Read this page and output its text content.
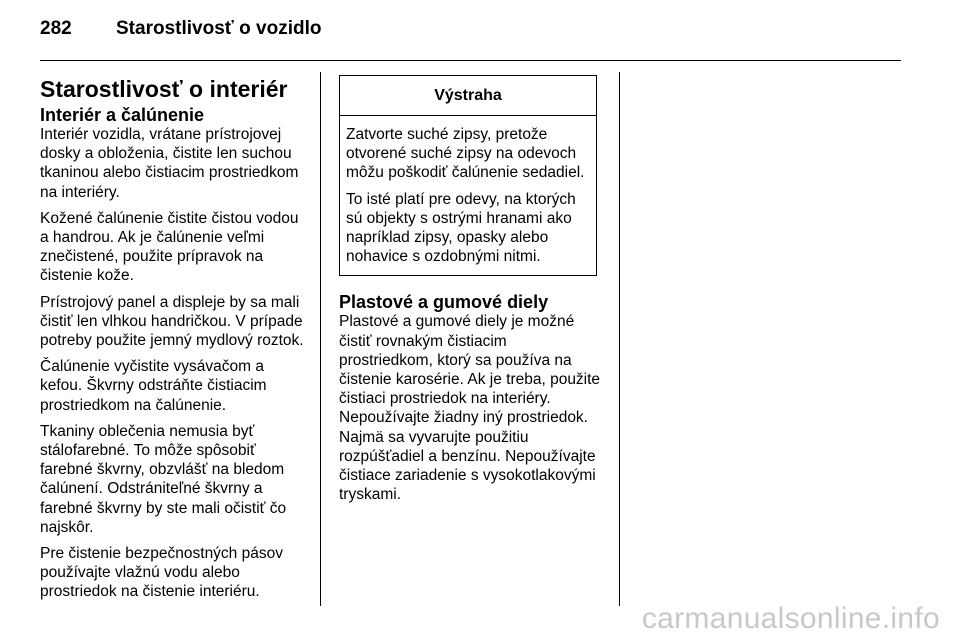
282 Starostlivosť o vozidlo
Starostlivosť o interiér
Interiér a čalúnenie

Interiér vozidla, vrátane prístrojovej dosky a obloženia, čistite len suchou tkaninou alebo čistiacim prostriedkom na interiéry.

Kožené čalúnenie čistite čistou vodou a handrou. Ak je čalúnenie veľmi znečistené, použite prípravok na čistenie kože.

Prístrojový panel a displeje by sa mali čistiť len vlhkou handričkou. V prípade potreby použite jemný mydlový roztok.

Čalúnenie vyčistite vysávačom a kefou. Škvrny odstráňte čistiacim prostriedkom na čalúnenie.

Tkaniny oblečenia nemusia byť stálofarebné. To môže spôsobiť farebné škvrny, obzvlášť na bledom čalúnení. Odstrániteľné škvrny a farebné škvrny by ste mali očistiť čo najskôr.

Pre čistenie bezpečnostných pásov používajte vlažnú vodu alebo prostriedok na čistenie interiéru.

Výstraha

Zatvorte suché zipsy, pretože otvorené suché zipsy na odevoch môžu poškodiť čalúnenie sedadiel.

To isté platí pre odevy, na ktorých sú objekty s ostrými hranami ako napríklad zipsy, opasky alebo nohavice s ozdobnými nitmi.

Plastové a gumové diely

Plastové a gumové diely je možné čistiť rovnakým čistiacim prostriedkom, ktorý sa používa na čistenie karosérie. Ak je treba, použite čistiaci prostriedok na interiéry. Nepoužívajte žiadny iný prostriedok. Najmä sa vyvarujte použitiu rozpúšťadiel a benzínu. Nepoužívajte čistiace zariadenie s vysokotlakovými tryskami.

carmanualsonline.info
